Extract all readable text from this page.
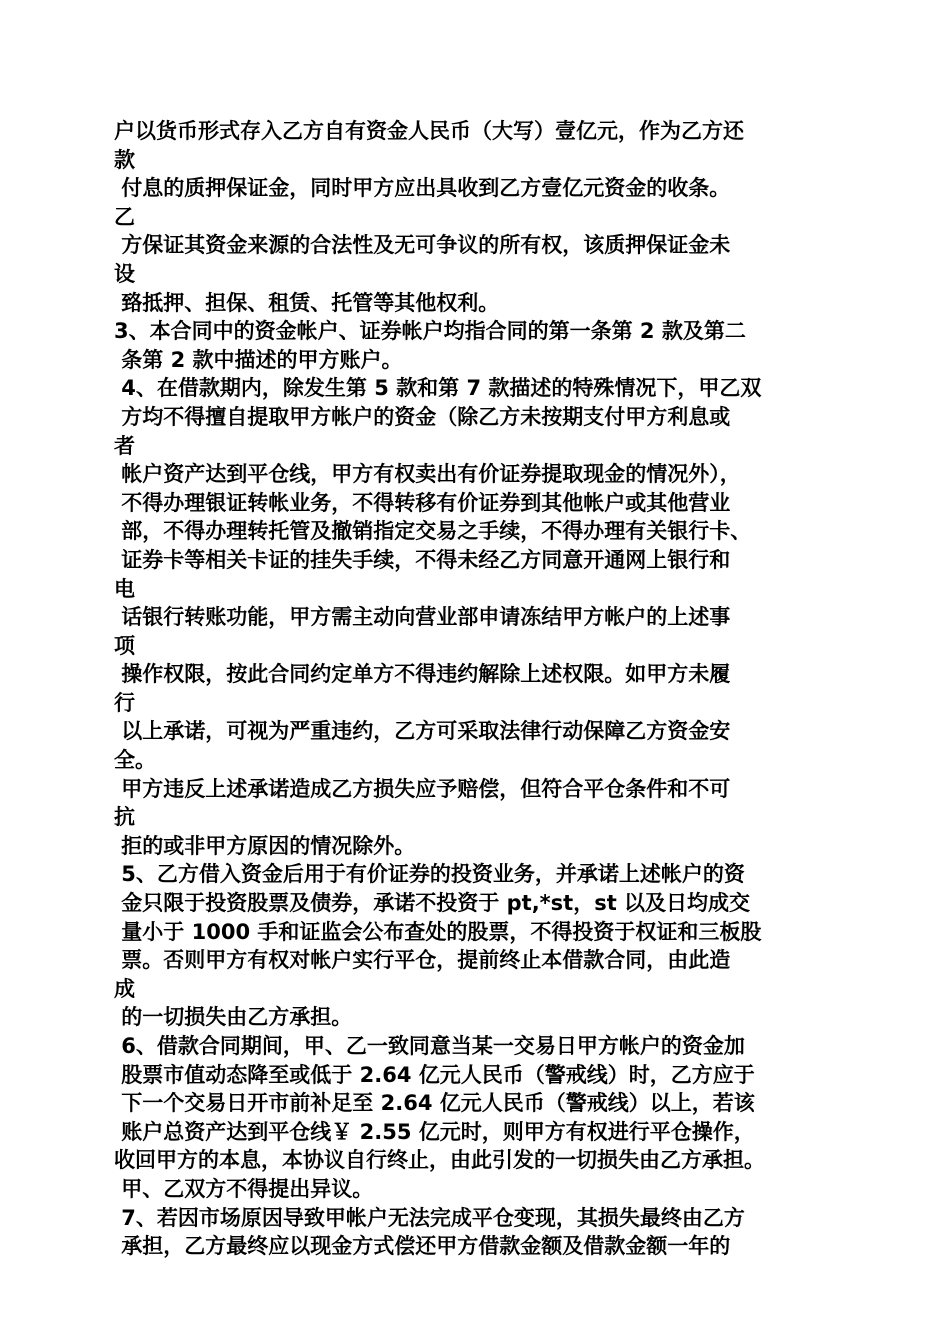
户以货币形式存入乙方自有资金人民币（大写）壹亿元，作为乙方还
款
付息的质押保证金，同时甲方应出具收到乙方壹亿元资金的收条。
乙
方保证其资金来源的合法性及无可争议的所有权，该质押保证金未
设
臵抵押、担保、租赁、托管等其他权利。
3、本合同中的资金帐户、证券帐户均指合同的第一条第 2 款及第二
条第 2 款中描述的甲方账户。
4、在借款期内，除发生第 5 款和第 7 款描述的特殊情况下，甲乙双
方均不得擅自提取甲方帐户的资金（除乙方未按期支付甲方利息或
者
帐户资产达到平仓线，甲方有权卖出有价证券提取现金的情况外），
不得办理银证转帐业务，不得转移有价证券到其他帐户或其他营业
部，不得办理转托管及撤销指定交易之手续，不得办理有关银行卡、
证券卡等相关卡证的挂失手续，不得未经乙方同意开通网上银行和
电
话银行转账功能，甲方需主动向营业部申请冻结甲方帐户的上述事
项
操作权限，按此合同约定单方不得违约解除上述权限。如甲方未履
行
以上承诺，可视为严重违约，乙方可采取法律行动保障乙方资金安
全。
甲方违反上述承诺造成乙方损失应予赔偿，但符合平仓条件和不可
抗
拒的或非甲方原因的情况除外。
5、乙方借入资金后用于有价证券的投资业务，并承诺上述帐户的资
金只限于投资股票及债券，承诺不投资于 pt,*st，st 以及日均成交
量小于 1000 手和证监会公布查处的股票，不得投资于权证和三板股
票。否则甲方有权对帐户实行平仓，提前终止本借款合同，由此造
成
的一切损失由乙方承担。
6、借款合同期间，甲、乙一致同意当某一交易日甲方帐户的资金加
股票市值动态降至或低于 2.64 亿元人民币（警戒线）时，乙方应于
下一个交易日开市前补足至 2.64 亿元人民币（警戒线）以上，若该
账户总资产达到平仓线￥ 2.55 亿元时，则甲方有权进行平仓操作，
收回甲方的本息，本协议自行终止，由此引发的一切损失由乙方承担。
甲、乙双方不得提出异议。
7、若因市场原因导致甲帐户无法完成平仓变现，其损失最终由乙方
承担，乙方最终应以现金方式偿还甲方借款金额及借款金额一年的
